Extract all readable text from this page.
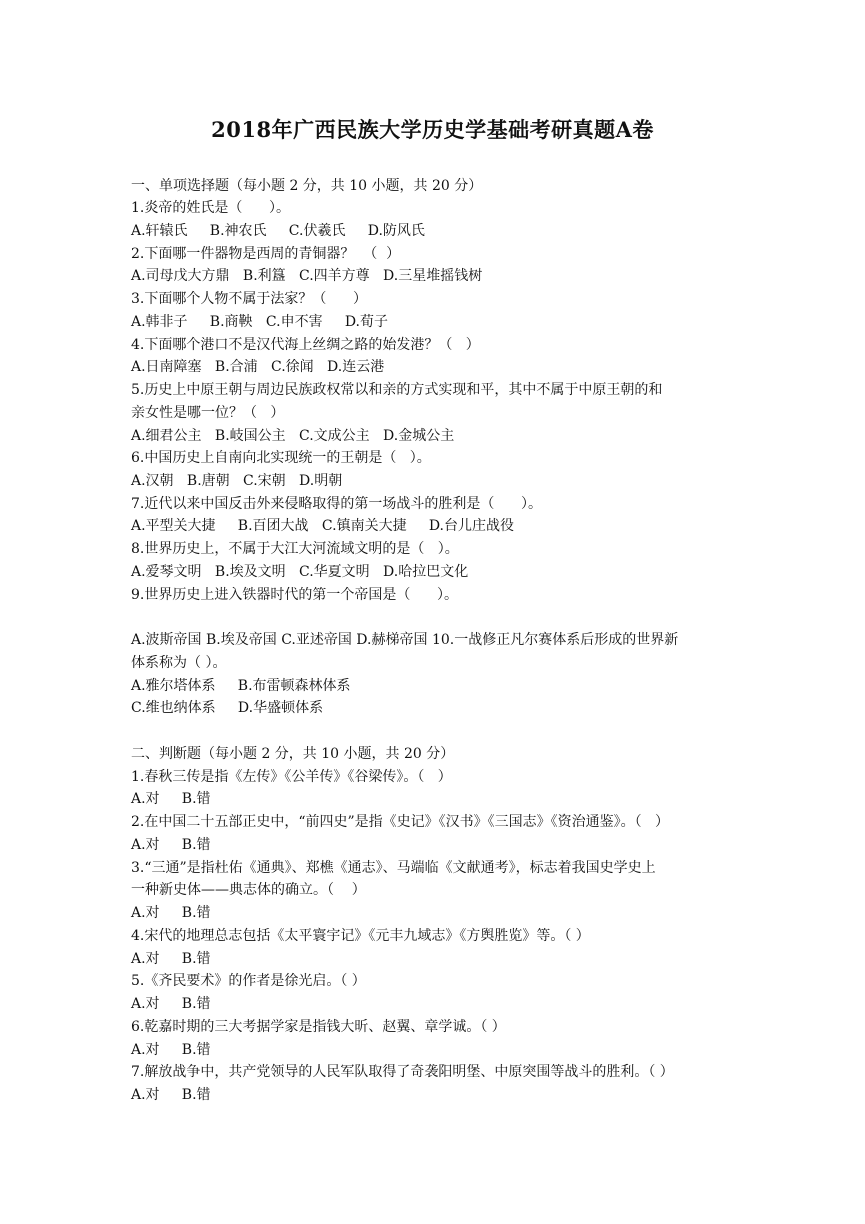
2018年广西民族大学历史学基础考研真题A卷
一、单项选择题（每小题 2 分，共 10 小题，共 20 分）
1.炎帝的姓氏是（      ）。
A.轩辕氏     B.神农氏     C.伏羲氏     D.防风氏
2.下面哪一件器物是西周的青铜器？  （  ）
A.司母戊大方鼎   B.利簋   C.四羊方尊   D.三星堆摇钱树
3.下面哪个人物不属于法家？（      ）
A.韩非子     B.商鞅   C.申不害     D.荀子
4.下面哪个港口不是汉代海上丝绸之路的始发港？（   ）
A.日南障塞   B.合浦   C.徐闻   D.连云港
5.历史上中原王朝与周边民族政权常以和亲的方式实现和平，其中不属于中原王朝的和
亲女性是哪一位？（   ）
A.细君公主   B.岐国公主   C.文成公主   D.金城公主
6.中国历史上自南向北实现统一的王朝是（   ）。
A.汉朝   B.唐朝   C.宋朝   D.明朝
7.近代以来中国反击外来侵略取得的第一场战斗的胜利是（      ）。
A.平型关大捷     B.百团大战   C.镇南关大捷     D.台儿庄战役
8.世界历史上，不属于大江大河流域文明的是（   ）。
A.爱琴文明   B.埃及文明   C.华夏文明   D.哈拉巴文化
9.世界历史上进入铁器时代的第一个帝国是（      ）。
A.波斯帝国 B.埃及帝国 C.亚述帝国 D.赫梯帝国 10.一战修正凡尔赛体系后形成的世界新
体系称为（ ）。
A.雅尔塔体系     B.布雷顿森林体系
C.维也纳体系     D.华盛顿体系
二、判断题（每小题 2 分，共 10 小题，共 20 分）
1.春秋三传是指《左传》《公羊传》《谷梁传》。（   ）
A.对     B.错
2.在中国二十五部正史中，“前四史”是指《史记》《汉书》《三国志》《资治通鉴》。（   ）
A.对     B.错
3.“三通”是指杜佑《通典》、郑樵《通志》、马端临《文献通考》，标志着我国史学史上
一种新史体——典志体的确立。（    ）
A.对     B.错
4.宋代的地理总志包括《太平寰宇记》《元丰九域志》《方舆胜览》等。（ ）
A.对     B.错
5.《齐民要术》的作者是徐光启。（ ）
A.对     B.错
6.乾嘉时期的三大考据学家是指钱大昕、赵翼、章学诚。（ ）
A.对     B.错
7.解放战争中，共产党领导的人民军队取得了奇袭阳明堡、中原突围等战斗的胜利。（ ）
A.对     B.错
